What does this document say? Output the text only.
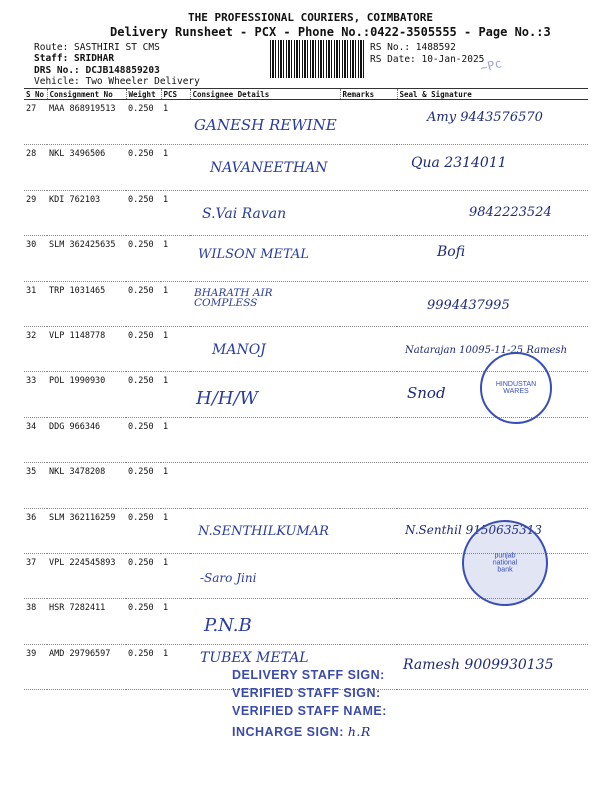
THE PROFESSIONAL COURIERS, COIMBATORE
Delivery Runsheet - PCX - Phone No.:0422-3505555 - Page No.:3
Route: SASTHIRI ST CMS
Staff: SRIDHAR
DRS No.: DCJB148859203
Vehicle: Two Wheeler Delivery
RS No.: 1488592
RS Date: 10-Jan-2025
~Pc
S No	Consignment No	Weight	PCS	Consignee Details	Remarks	Seal & Signature
27	MAA 868919513	0.250	1	GANESH REWINE		Amy 9443576570

28	NKL 3496506	0.250	1	NAVANEETHAN		Qua 2314011

29	KDI 762103	0.250	1	S.Vai Ravan		9842223524

30	SLM 362425635	0.250	1	WILSON METAL		Bofi

31	TRP 1031465	0.250	1	BHARATH AIR COMPLESS		9994437995

32	VLP 1148778	0.250	1	MANOJ		Natarajan 10095-11-25 Ramesh

33	POL 1990930	0.250	1	H/H/W		Snod

34	DDG 966346	0.250	1	

35	NKL 3478208	0.250	1	

36	SLM 362116259	0.250	1	N.SENTHILKUMAR		N.Senthil 9150635313

37	VPL 224545893	0.250	1	-Saro Jini		

38	HSR 7282411	0.250	1	P.N.B		

39	AMD 29796597	0.250	1	TUBEX METAL		Ramesh 9009930135
HINDUSTAN WARES
punjab national bank
DELIVERY STAFF SIGN:
VERIFIED STAFF SIGN:
VERIFIED STAFF NAME:
INCHARGE SIGN: h.R
